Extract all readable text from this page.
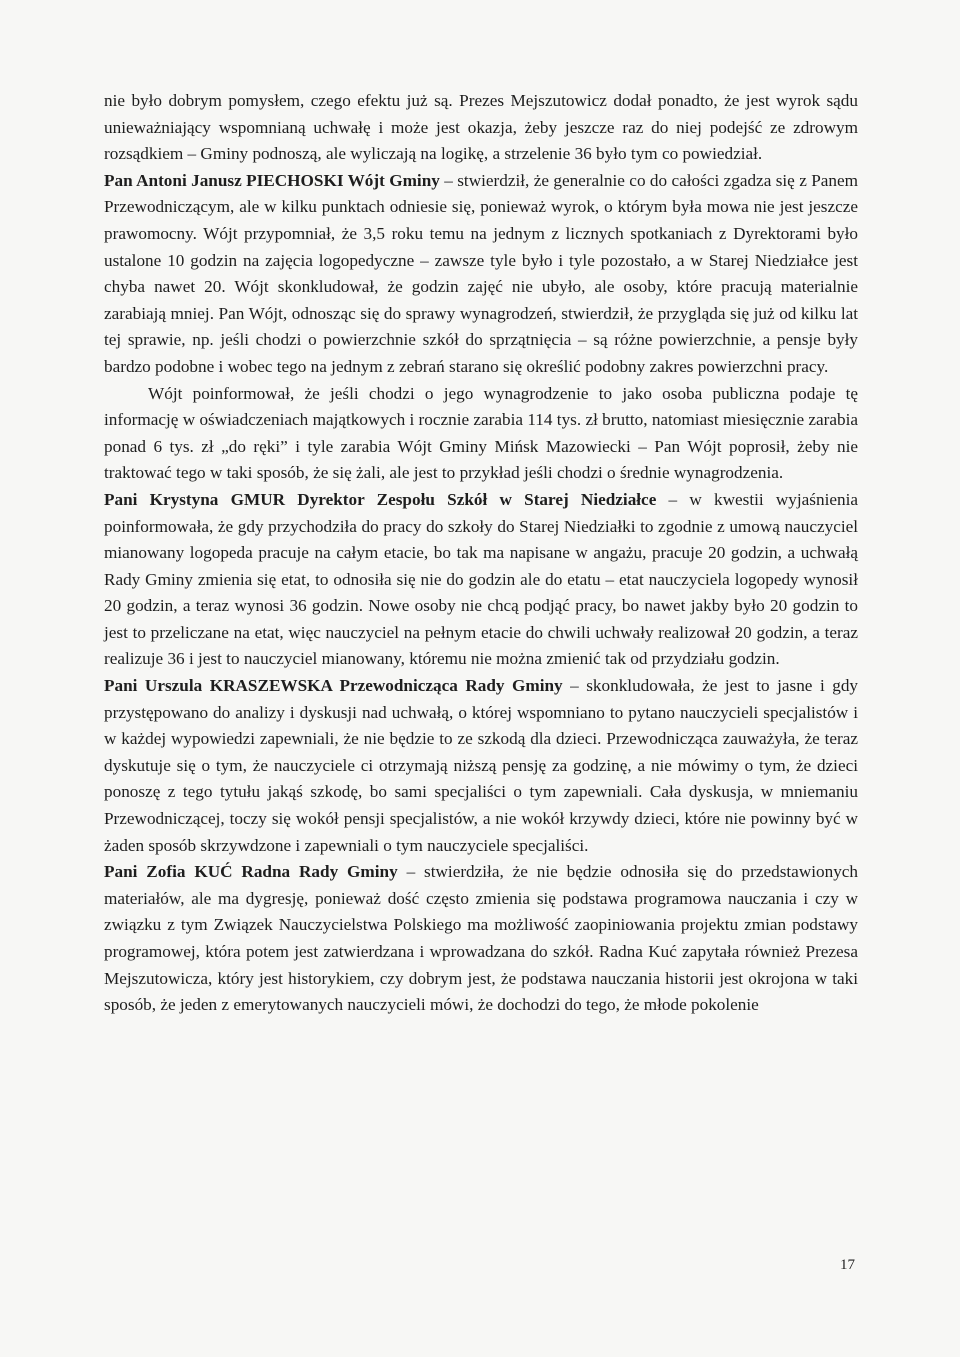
nie było dobrym pomysłem, czego efektu już są. Prezes Mejszutowicz dodał ponadto, że jest wyrok sądu unieważniający wspomnianą uchwałę i może jest okazja, żeby jeszcze raz do niej podejść ze zdrowym rozsądkiem – Gminy podnoszą, ale wyliczają na logikę, a strzelenie 36 było tym co powiedział.

Pan Antoni Janusz PIECHOSKI Wójt Gminy – stwierdził, że generalnie co do całości zgadza się z Panem Przewodniczącym, ale w kilku punktach odniesie się, ponieważ wyrok, o którym była mowa nie jest jeszcze prawomocny. Wójt przypomniał, że 3,5 roku temu na jednym z licznych spotkaniach z Dyrektorami było ustalone 10 godzin na zajęcia logopedyczne – zawsze tyle było i tyle pozostało, a w Starej Niedziałce jest chyba nawet 20. Wójt skonkludował, że godzin zajęć nie ubyło, ale osoby, które pracują materialnie zarabiają mniej. Pan Wójt, odnosząc się do sprawy wynagrodzeń, stwierdził, że przygląda się już od kilku lat tej sprawie, np. jeśli chodzi o powierzchnie szkół do sprzątnięcia – są różne powierzchnie, a pensje były bardzo podobne i wobec tego na jednym z zebrań starano się określić podobny zakres powierzchni pracy.

Wójt poinformował, że jeśli chodzi o jego wynagrodzenie to jako osoba publiczna podaje tę informację w oświadczeniach majątkowych i rocznie zarabia 114 tys. zł brutto, natomiast miesięcznie zarabia ponad 6 tys. zł „do ręki” i tyle zarabia Wójt Gminy Mińsk Mazowiecki – Pan Wójt poprosił, żeby nie traktować tego w taki sposób, że się żali, ale jest to przykład jeśli chodzi o średnie wynagrodzenia.

Pani Krystyna GMUR Dyrektor Zespołu Szkół w Starej Niedziałce – w kwestii wyjaśnienia poinformowała, że gdy przychodziła do pracy do szkoły do Starej Niedziałki to zgodnie z umową nauczyciel mianowany logopeda pracuje na całym etacie, bo tak ma napisane w angażu, pracuje 20 godzin, a uchwałą Rady Gminy zmienia się etat, to odnosiła się nie do godzin ale do etatu – etat nauczyciela logopedy wynosił 20 godzin, a teraz wynosi 36 godzin. Nowe osoby nie chcą podjąć pracy, bo nawet jakby było 20 godzin to jest to przeliczane na etat, więc nauczyciel na pełnym etacie do chwili uchwały realizował 20 godzin, a teraz realizuje 36 i jest to nauczyciel mianowany, któremu nie można zmienić tak od przydziału godzin.

Pani Urszula KRASZEWSKA Przewodnicząca Rady Gminy – skonkludowała, że jest to jasne i gdy przystępowano do analizy i dyskusji nad uchwałą, o której wspomniano to pytano nauczycieli specjalistów i w każdej wypowiedzi zapewniali, że nie będzie to ze szkodą dla dzieci. Przewodnicząca zauważyła, że teraz dyskutuje się o tym, że nauczyciele ci otrzymają niższą pensję za godzinę, a nie mówimy o tym, że dzieci ponoszę z tego tytułu jakąś szkodę, bo sami specjaliści o tym zapewniali. Cała dyskusja, w mniemaniu Przewodniczącej, toczy się wokół pensji specjalistów, a nie wokół krzywdy dzieci, które nie powinny być w żaden sposób skrzywdzone i zapewniali o tym nauczyciele specjaliści.

Pani Zofia KUĆ Radna Rady Gminy – stwierdziła, że nie będzie odnosiła się do przedstawionych materiałów, ale ma dygresję, ponieważ dość często zmienia się podstawa programowa nauczania i czy w związku z tym Związek Nauczycielstwa Polskiego ma możliwość zaopiniowania projektu zmian podstawy programowej, która potem jest zatwierdzana i wprowadzana do szkół. Radna Kuć zapytała również Prezesa Mejszutowicza, który jest historykiem, czy dobrym jest, że podstawa nauczania historii jest okrojona w taki sposób, że jeden z emerytowanych nauczycieli mówi, że dochodzi do tego, że młode pokolenie

17
